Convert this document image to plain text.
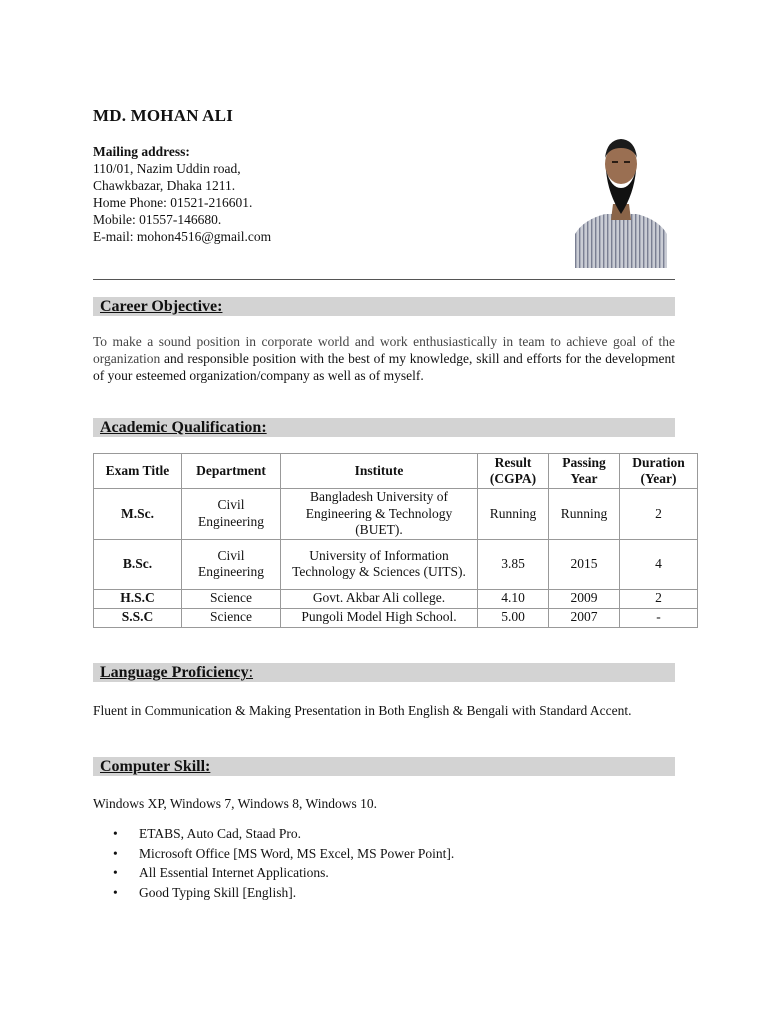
MD. MOHAN ALI
Mailing address:
110/01, Nazim Uddin road,
Chawkbazar, Dhaka 1211.
Home Phone: 01521-216601.
Mobile: 01557-146680.
E-mail: mohon4516@gmail.com
Career Objective:
To make a sound position in corporate world and work enthusiastically in team to achieve goal of the organization and responsible position with the best of my knowledge, skill and efforts for the development of your esteemed organization/company as well as of myself.
Academic Qualification:
Exam Title	Department	Institute	Result (CGPA)	Passing Year	Duration (Year)
M.Sc.	Civil Engineering	Bangladesh University of Engineering & Technology (BUET).	Running	Running	2
B.Sc.	Civil Engineering	University of Information Technology & Sciences (UITS).	3.85	2015	4
H.S.C	Science	Govt. Akbar Ali college.	4.10	2009	2
S.S.C	Science	Pungoli Model High School.	5.00	2007	-
Language Proficiency:
Fluent in Communication & Making Presentation in Both English & Bengali with Standard Accent.
Computer Skill:
Windows XP, Windows 7, Windows 8, Windows 10.
• ETABS, Auto Cad, Staad Pro.
• Microsoft Office [MS Word, MS Excel, MS Power Point].
• All Essential Internet Applications.
• Good Typing Skill [English].
